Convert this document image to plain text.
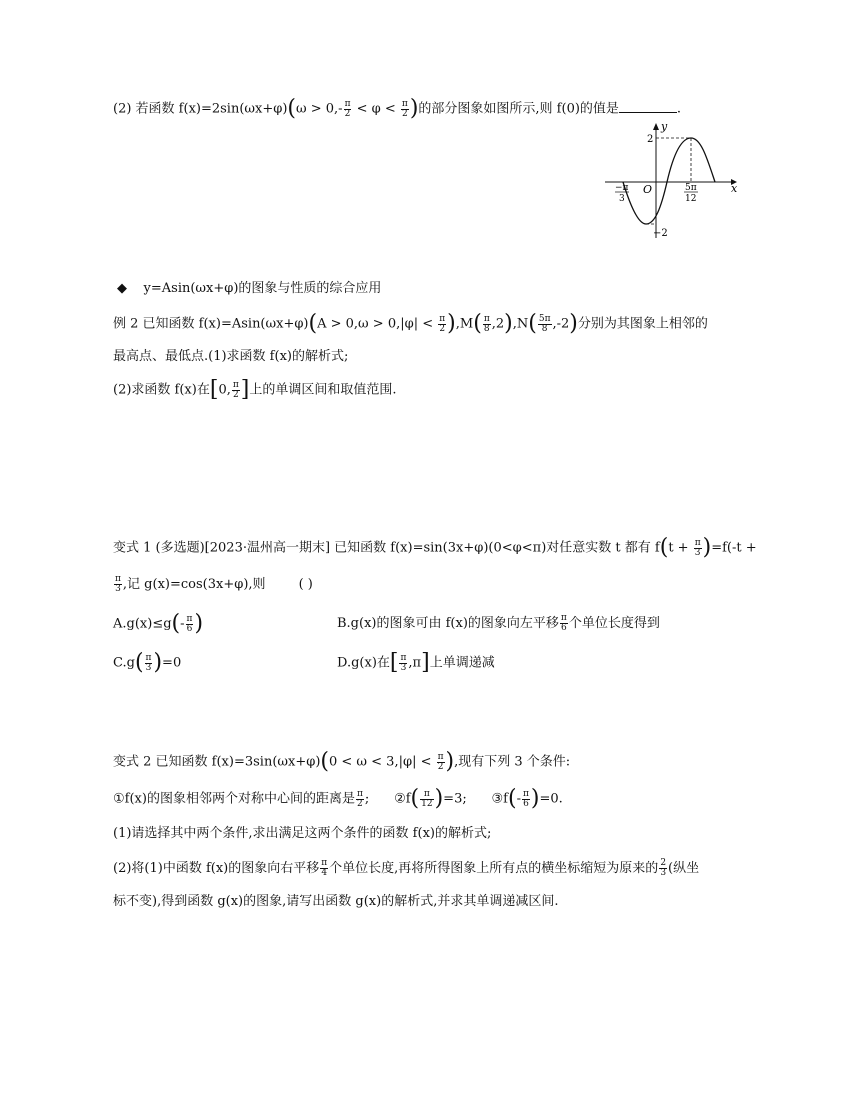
(2) 若函数 $f(x)=2\sin(\omega x+\varphi)(\omega > 0,- \frac{\pi}{2} < \varphi < \frac{\pi}{2}$ )的部分图象如图所示,则 f(0)的值是	.
y
x
O
2
−2
−π
3
5π
12
◆ y=Asin(ωx+φ)的图象与性质的综合应用
例 2 已知函数 $f(x)=Asin(\omega x+\varphi)(A > 0,\omega > 0,|\varphi| < \frac{\pi}{2} ),M( \frac{\pi}{8} ,2),N( \frac{5\pi}{8} ,-2)$分别为其图象上相邻的
最高点、最低点.(1)求函数 f(x)的解析式;
(2)求函数 f(x)在[0, $\frac{\pi}{2}$ ]上的单调区间和取值范围.
变式 1 (多选题)[2023·温州高一期末] 已知函数 f(x)=sin(3x+φ)(0<φ<π)对任意实数 t 都有 $f(t + \frac{\pi}{3} )=f(-t$ +
$\frac{\pi}{3}$ ,记 g(x)=cos(3x+φ),则	( )
$A.g(x)\le g(- \frac{\pi}{6}$ )	B.g(x)的图象可由 f(x)的图象向左平移 $\frac{\pi}{6}$ 个单位长度得到
$C.g( \frac{\pi}{3} )=0$	D.g(x)在[ $\frac{\pi}{3} ,\pi$]上单调递减
变式 2 已知函数 $f(x)=3\sin(\omega x+\varphi)(0 < \omega < 3,|\varphi| < \frac{\pi}{2}$ ),现有下列 3 个条件:
①f(x)的图象相邻两个对称中心间的距离是 $\frac{\pi}{2}$ ; ②f( $\frac{\pi}{12} )=3$; ③f(- $\frac{\pi}{6} )=0$.
(1)请选择其中两个条件,求出满足这两个条件的函数 f(x)的解析式;
(2)将(1)中函数 f(x)的图象向右平移 $\frac{\pi}{4}$ 个单位长度,再将所得图象上所有点的横坐标缩短为原来的 $\frac{2}{3}$ (纵坐
标不变),得到函数 g(x)的图象,请写出函数 g(x)的解析式,并求其单调递减区间.
